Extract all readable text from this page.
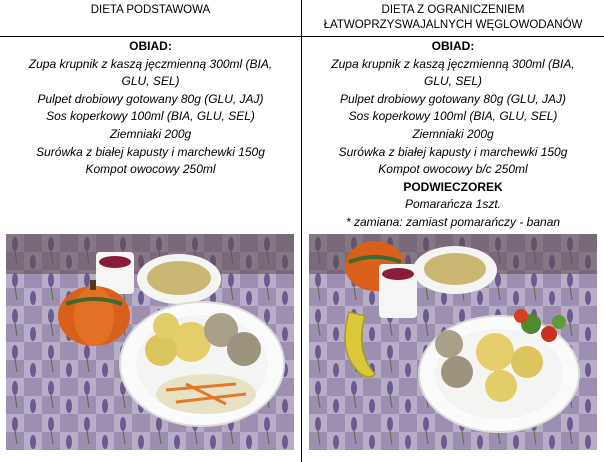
DIETA PODSTAWOWA	DIETA Z OGRANICZENIEM
ŁATWOPRZYSWAJALNYCH WĘGLOWODANÓW
OBIAD:
Zupa krupnik z kaszą jęczmienną 300ml (BIA,
GLU, SEL)
Pulpet drobiowy gotowany 80g (GLU, JAJ)
Sos koperkowy 100ml (BIA, GLU, SEL)
Ziemniaki 200g
Surówka z białej kapusty i marchewki 150g
Kompot owocowy 250ml
OBIAD:
Zupa krupnik z kaszą jęczmienną 300ml (BIA,
GLU, SEL)
Pulpet drobiowy gotowany 80g (GLU, JAJ)
Sos koperkowy 100ml (BIA, GLU, SEL)
Ziemniaki 200g
Surówka z białej kapusty i marchewki 150g
Kompot owocowy b/c 250ml
PODWIECZOREK
Pomarańcza 1szt.
* zamiana: zamiast pomarańczy - banan
